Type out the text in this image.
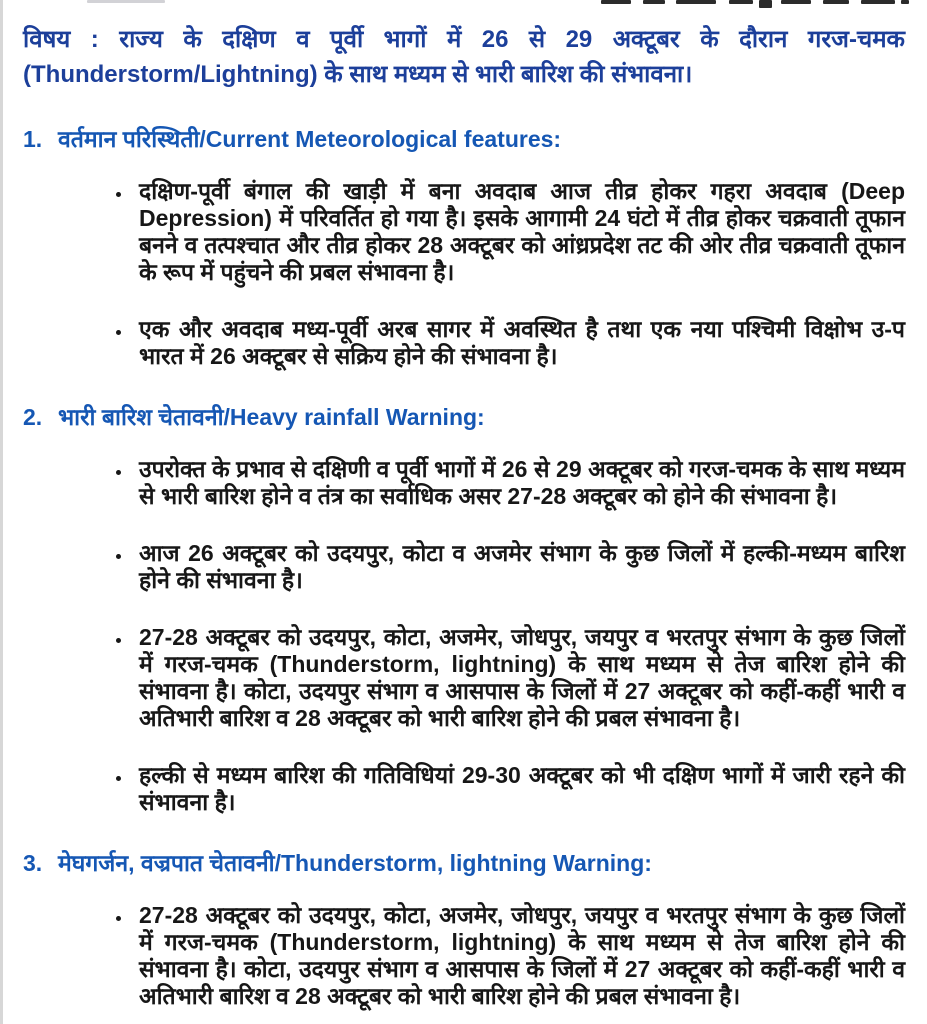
विषय : राज्य के दक्षिण व पूर्वी भागों में 26 से 29 अक्टूबर के दौरान गरज-चमक (Thunderstorm/Lightning) के साथ मध्यम से भारी बारिश की संभावना।

1. वर्तमान परिस्थिती/Current Meteorological features:
• दक्षिण-पूर्वी बंगाल की खाड़ी में बना अवदाब आज तीव्र होकर गहरा अवदाब (Deep Depression) में परिवर्तित हो गया है। इसके आगामी 24 घंटो में तीव्र होकर चक्रवाती तूफान बनने व तत्पश्चात और तीव्र होकर 28 अक्टूबर को आंध्रप्रदेश तट की ओर तीव्र चक्रवाती तूफान के रूप में पहुंचने की प्रबल संभावना है।
• एक और अवदाब मध्य-पूर्वी अरब सागर में अवस्थित है तथा एक नया पश्चिमी विक्षोभ उ-प भारत में 26 अक्टूबर से सक्रिय होने की संभावना है।
2. भारी बारिश चेतावनी/Heavy rainfall Warning:
• उपरोक्त के प्रभाव से दक्षिणी व पूर्वी भागों में 26 से 29 अक्टूबर को गरज-चमक के साथ मध्यम से भारी बारिश होने व तंत्र का सर्वाधिक असर 27-28 अक्टूबर को होने की संभावना है।
• आज 26 अक्टूबर को उदयपुर, कोटा व अजमेर संभाग के कुछ जिलों में हल्की-मध्यम बारिश होने की संभावना है।
• 27-28 अक्टूबर को उदयपुर, कोटा, अजमेर, जोधपुर, जयपुर व भरतपुर संभाग के कुछ जिलों में गरज-चमक (Thunderstorm, lightning) के साथ मध्यम से तेज बारिश होने की संभावना है। कोटा, उदयपुर संभाग व आसपास के जिलों में 27 अक्टूबर को कहीं-कहीं भारी व अतिभारी बारिश व 28 अक्टूबर को भारी बारिश होने की प्रबल संभावना है।
• हल्की से मध्यम बारिश की गतिविधियां 29-30 अक्टूबर को भी दक्षिण भागों में जारी रहने की संभावना है।
3. मेघगर्जन, वज्रपात चेतावनी/Thunderstorm, lightning Warning:
• 27-28 अक्टूबर को उदयपुर, कोटा, अजमेर, जोधपुर, जयपुर व भरतपुर संभाग के कुछ जिलों में गरज-चमक (Thunderstorm, lightning) के साथ मध्यम से तेज बारिश होने की संभावना है। कोटा, उदयपुर संभाग व आसपास के जिलों में 27 अक्टूबर को कहीं-कहीं भारी व अतिभारी बारिश व 28 अक्टूबर को भारी बारिश होने की प्रबल संभावना है।
